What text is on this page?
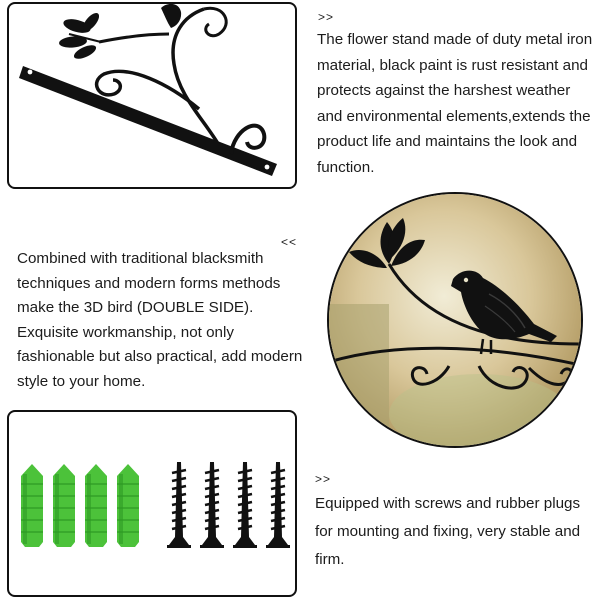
>>

The flower stand made of duty metal iron material, black paint is rust resistant and protects against the harshest weather and environmental elements,extends the product life and maintains the look and function.

<<

Combined with traditional blacksmith techniques and modern forms methods make the 3D bird (DOUBLE SIDE). Exquisite workmanship, not only fashionable but also practical, add modern style to your home.

>>

Equipped with screws and rubber plugs for mounting and fixing, very stable and firm.
